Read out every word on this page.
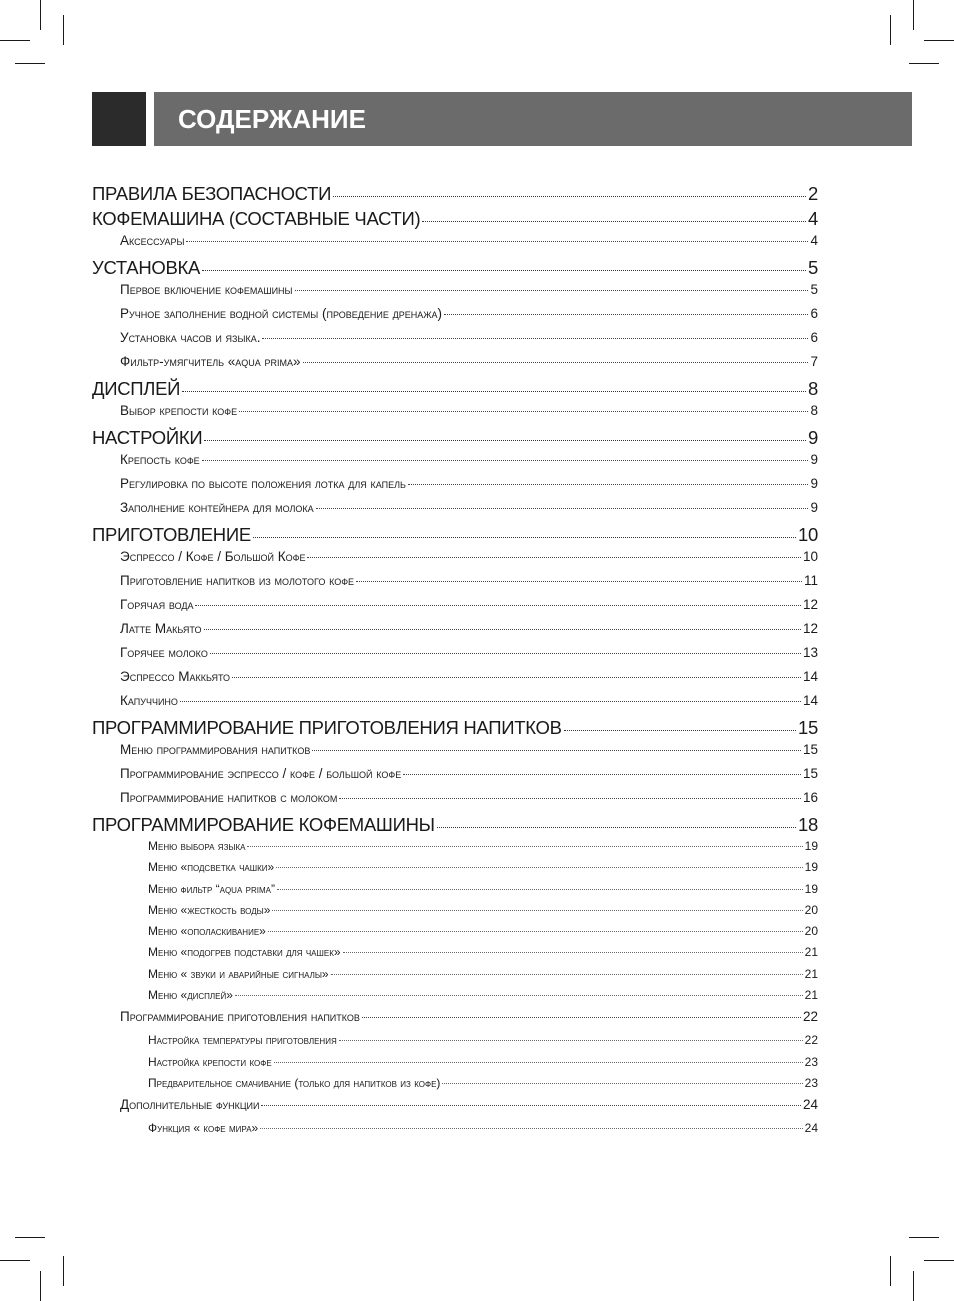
СОДЕРЖАНИЕ
ПРАВИЛА БЕЗОПАСНОСТИ	2
КОФЕМАШИНА (СОСТАВНЫЕ ЧАСТИ)	4
Аксессуары	4
УСТАНОВКА	5
Первое включение кофемашины	5
Ручное заполнение водной системы (проведение дренажа)	6
Установка часов и языка.	6
Фильтр-умягчитель «aqua prima»	7
ДИСПЛЕЙ	8
Выбор крепости кофе	8
НАСТРОЙКИ	9
Крепость кофе	9
Регулировка по высоте положения лотка для капель	9
Заполнение контейнера для молока	9
ПРИГОТОВЛЕНИЕ	10
Эспрессо / Кофе / Большой Кофе	10
Приготовление напитков из молотого кофе	11
Горячая вода	12
Латте Макьято	12
Горячее молоко	13
Эспрессо Маккьято	14
Капуччино	14
ПРОГРАММИРОВАНИЕ ПРИГОТОВЛЕНИЯ НАПИТКОВ	15
Меню программирования напитков	15
Программирование эспрессо / кофе / большой кофе	15
Программирование напитков с молоком	16
ПРОГРАММИРОВАНИЕ КОФЕМАШИНЫ	18
Меню выбора языка	19
Меню «подсветка чашки»	19
Меню фильтр “aqua prima”	19
Меню «жесткость воды»	20
Меню «ополаскивание»	20
Меню «подогрев подставки для чашек»	21
Меню « звуки и аварийные сигналы»	21
Меню «дисплей»	21
Программирование приготовления напитков	22
Настройка температуры приготовления	22
Настройка крепости кофе	23
Предварительное смачивание (только для напитков из кофе)	23
Дополнительные функции	24
Функция « кофе мира»	24
